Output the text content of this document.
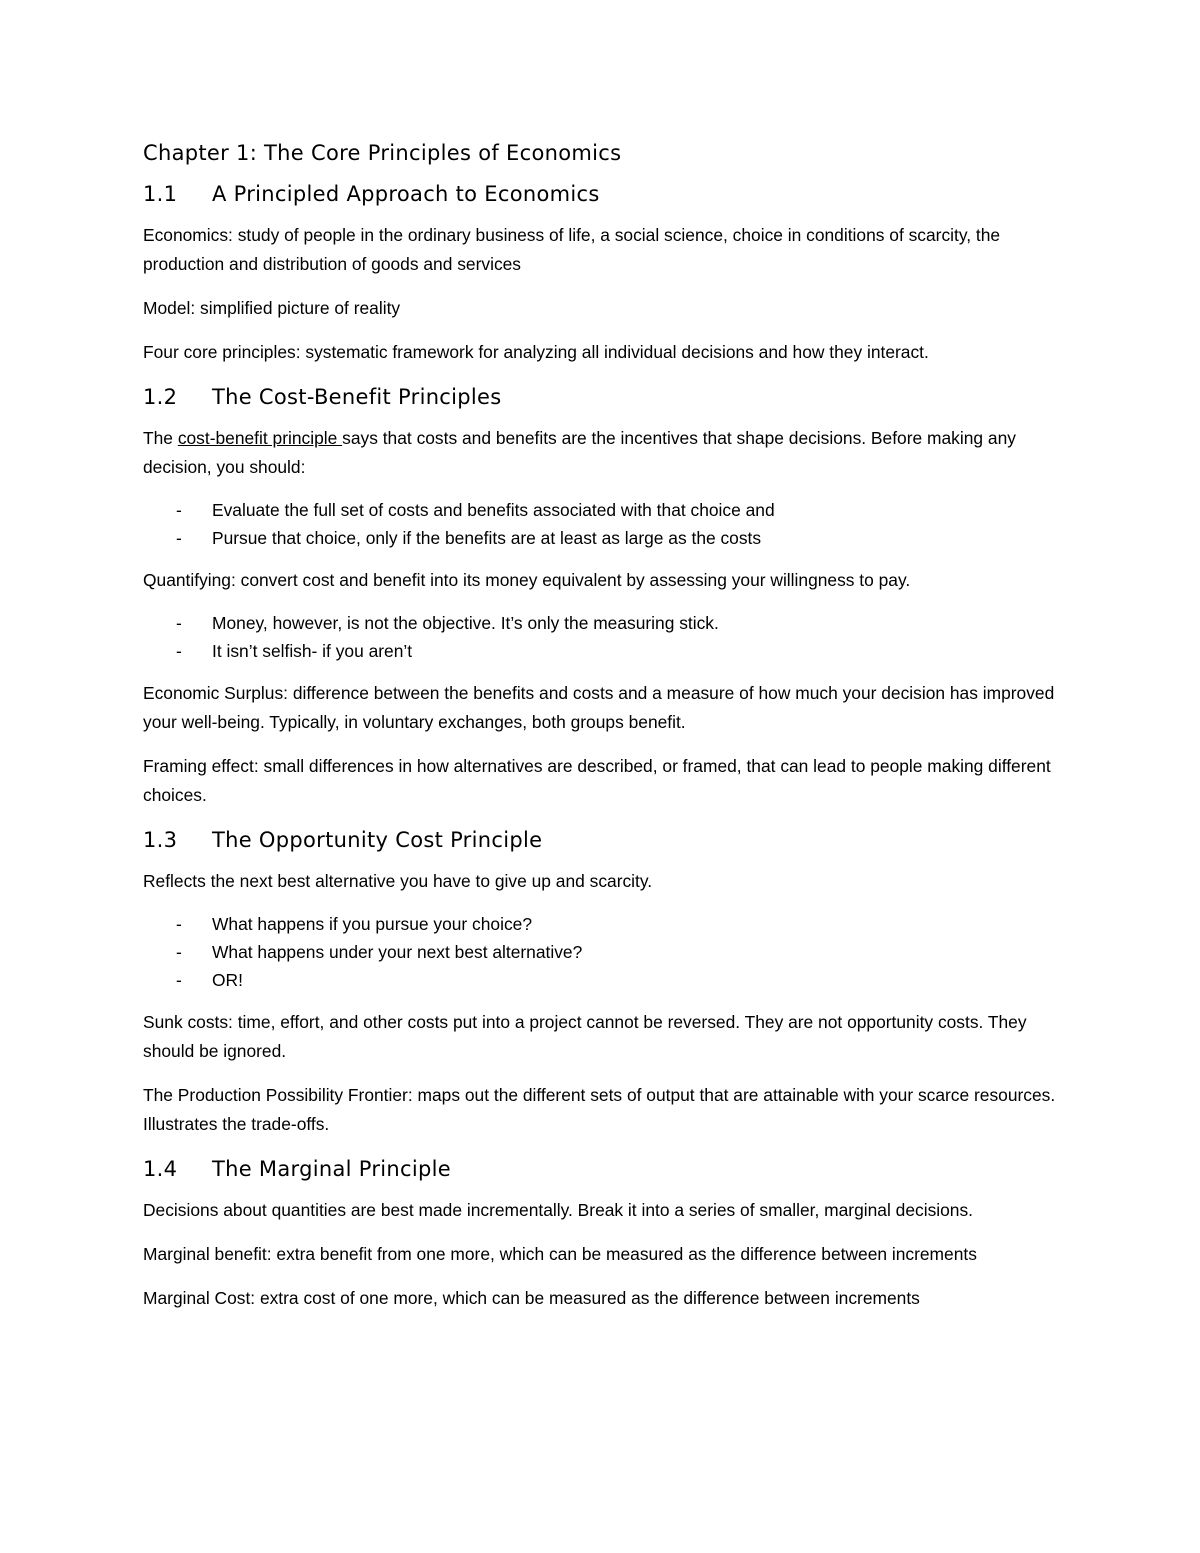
Chapter 1: The Core Principles of Economics
1.1	A Principled Approach to Economics

Economics: study of people in the ordinary business of life, a social science, choice in conditions of scarcity, the production and distribution of goods and services

Model: simplified picture of reality

Four core principles: systematic framework for analyzing all individual decisions and how they interact.

1.2	The Cost-Benefit Principles

The cost-benefit principle says that costs and benefits are the incentives that shape decisions. Before making any decision, you should:

- Evaluate the full set of costs and benefits associated with that choice and
- Pursue that choice, only if the benefits are at least as large as the costs

Quantifying: convert cost and benefit into its money equivalent by assessing your willingness to pay.

- Money, however, is not the objective. It’s only the measuring stick.
- It isn’t selfish- if you aren’t

Economic Surplus: difference between the benefits and costs and a measure of how much your decision has improved your well-being. Typically, in voluntary exchanges, both groups benefit.

Framing effect: small differences in how alternatives are described, or framed, that can lead to people making different choices.

1.3	The Opportunity Cost Principle

Reflects the next best alternative you have to give up and scarcity.

- What happens if you pursue your choice?
- What happens under your next best alternative?
- OR!

Sunk costs: time, effort, and other costs put into a project cannot be reversed. They are not opportunity costs. They should be ignored.

The Production Possibility Frontier: maps out the different sets of output that are attainable with your scarce resources. Illustrates the trade-offs.

1.4	The Marginal Principle

Decisions about quantities are best made incrementally. Break it into a series of smaller, marginal decisions.

Marginal benefit: extra benefit from one more, which can be measured as the difference between increments

Marginal Cost: extra cost of one more, which can be measured as the difference between increments
